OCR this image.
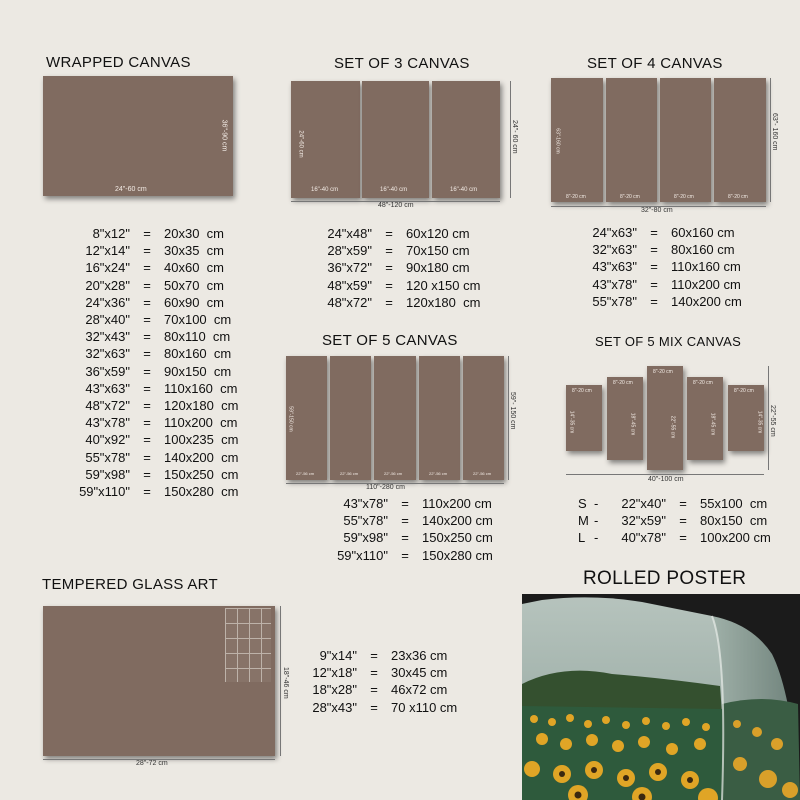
WRAPPED CANVAS
24"-60 cm
36"-90 cm
8"x12" = 20x30  cm
12"x14" = 30x35  cm
16"x24" = 40x60  cm
20"x28" = 50x70  cm
24"x36" = 60x90  cm
28"x40" = 70x100  cm
32"x43" = 80x110  cm
32"x63" = 80x160  cm
36"x59" = 90x150  cm
43"x63" = 110x160  cm
48"x72" = 120x180  cm
43"x78" = 110x200  cm
40"x92" = 100x235  cm
55"x78" = 140x200  cm
59"x98" = 150x250  cm
59"x110" = 150x280  cm
SET OF 3 CANVAS
16"-40 cm
24"-60 cm
16"-40 cm	16"-40 cm
48"-120 cm
24"- 60 cm
24"x48" = 60x120 cm
28"x59" = 70x150 cm
36"x72" = 90x180 cm
48"x59" = 120 x150 cm
48"x72" = 120x180  cm
SET OF 4 CANVAS
8"-20 cm
63"-160 cm
8"-20 cm	8"-20 cm	8"-20 cm
32"-80 cm
63"- 160 cm
24"x63" = 60x160 cm
32"x63" = 80x160 cm
43"x63" = 110x160 cm
43"x78" = 110x200 cm
55"x78" = 140x200 cm
SET OF 5 CANVAS
22"-56 cm
59"-150 cm
22"-56 cm	22"-56 cm	22"-56 cm	22"-56 cm
110"-280 cm
59"- 150 cm
43"x78" = 110x200 cm
55"x78" = 140x200 cm
59"x98" = 150x250 cm
59"x110" = 150x280 cm
SET OF 5 MIX CANVAS
8"-20 cm
14"-35 cm
8"-20 cm
18"-45 cm
8"-20 cm
22"-55 cm
8"-20 cm
18"-45 cm
8"-20 cm
14"-35 cm
40"-100 cm
22"-55 cm
S - 22"x40" = 55x100  cm
M - 32"x59" = 80x150  cm
L - 40"x78" = 100x200 cm
TEMPERED GLASS ART
28"-72 cm
18"-46 cm
9"x14" = 23x36 cm
12"x18" = 30x45 cm
18"x28" = 46x72 cm
28"x43" = 70 x110 cm
ROLLED POSTER
